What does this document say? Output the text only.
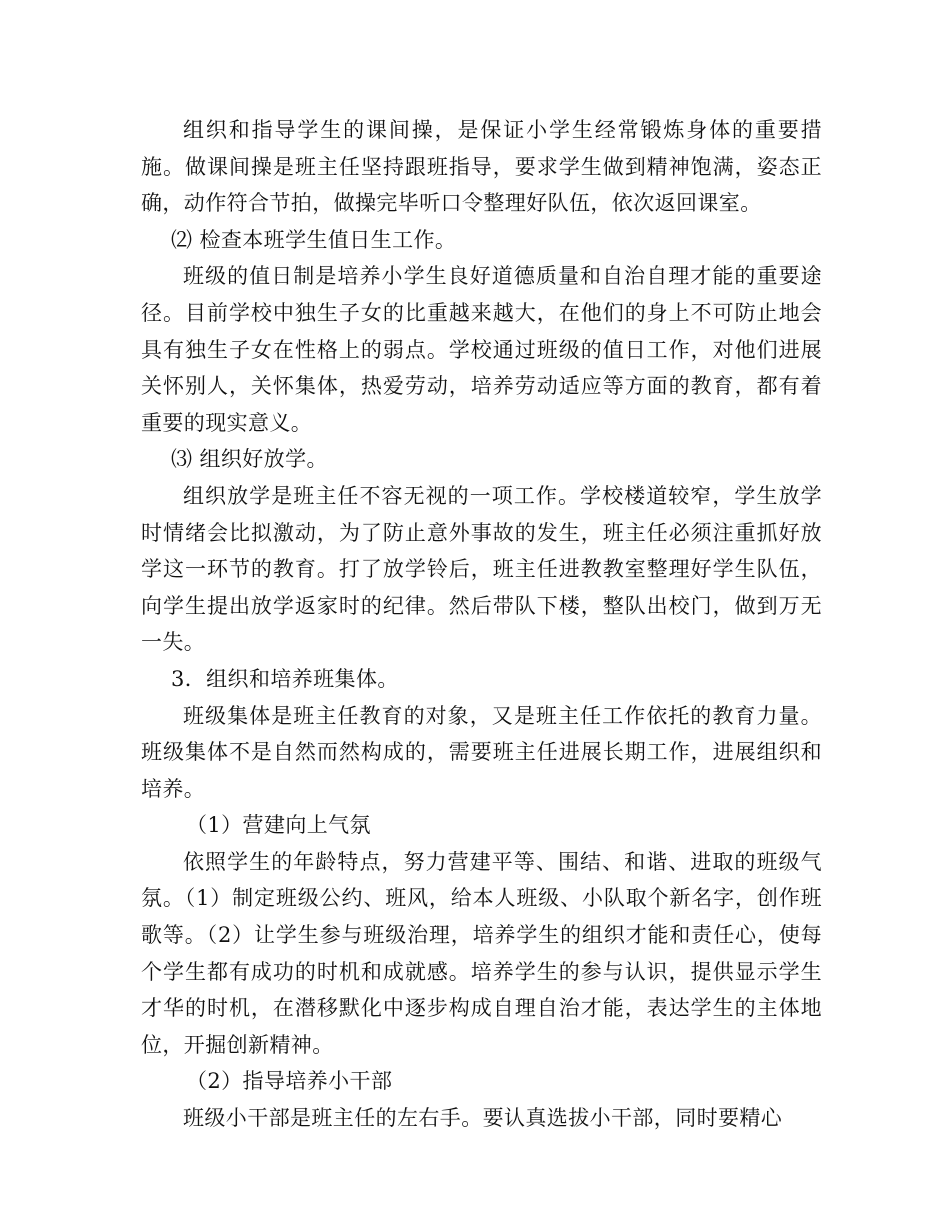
组织和指导学生的课间操，是保证小学生经常锻炼身体的重要措施。做课间操是班主任坚持跟班指导，要求学生做到精神饱满，姿态正确，动作符合节拍，做操完毕听口令整理好队伍，依次返回课室。

⑵ 检查本班学生值日生工作。

班级的值日制是培养小学生良好道德质量和自治自理才能的重要途径。目前学校中独生子女的比重越来越大，在他们的身上不可防止地会具有独生子女在性格上的弱点。学校通过班级的值日工作，对他们进展关怀别人，关怀集体，热爱劳动，培养劳动适应等方面的教育，都有着重要的现实意义。

⑶ 组织好放学。

组织放学是班主任不容无视的一项工作。学校楼道较窄，学生放学时情绪会比拟激动，为了防止意外事故的发生，班主任必须注重抓好放学这一环节的教育。打了放学铃后，班主任进教教室整理好学生队伍，向学生提出放学返家时的纪律。然后带队下楼，整队出校门，做到万无一失。

3．组织和培养班集体。

班级集体是班主任教育的对象，又是班主任工作依托的教育力量。班级集体不是自然而然构成的，需要班主任进展长期工作，进展组织和培养。

（1）营建向上气氛

依照学生的年龄特点，努力营建平等、围结、和谐、进取的班级气氛。（1）制定班级公约、班风，给本人班级、小队取个新名字，创作班歌等。（2）让学生参与班级治理，培养学生的组织才能和责任心，使每个学生都有成功的时机和成就感。培养学生的参与认识，提供显示学生才华的时机，在潜移默化中逐步构成自理自治才能，表达学生的主体地位，开掘创新精神。

（2）指导培养小干部

班级小干部是班主任的左右手。要认真选拔小干部，同时要精心
